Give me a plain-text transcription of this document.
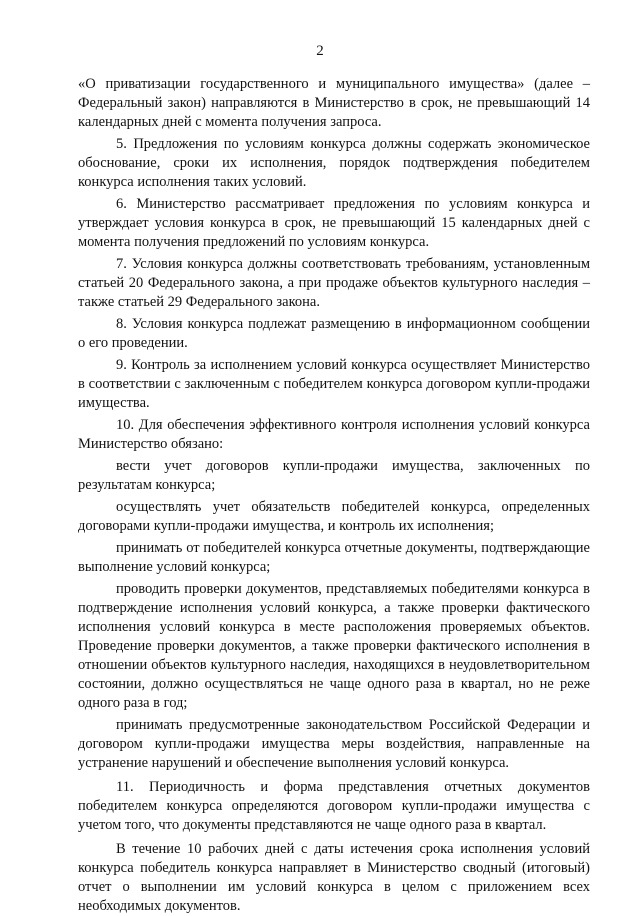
2

«О приватизации государственного и муниципального имущества» (далее – Федеральный закон) направляются в Министерство в срок, не превышающий 14 календарных дней с момента получения запроса.

5. Предложения по условиям конкурса должны содержать экономическое обоснование, сроки их исполнения, порядок подтверждения победителем конкурса исполнения таких условий.

6. Министерство рассматривает предложения по условиям конкурса и утверждает условия конкурса в срок, не превышающий 15 календарных дней с момента получения предложений по условиям конкурса.

7. Условия конкурса должны соответствовать требованиям, установленным статьей 20 Федерального закона, а при продаже объектов культурного наследия – также статьей 29 Федерального закона.

8. Условия конкурса подлежат размещению в информационном сообщении о его проведении.

9. Контроль за исполнением условий конкурса осуществляет Министерство в соответствии с заключенным с победителем конкурса договором купли-продажи имущества.

10. Для обеспечения эффективного контроля исполнения условий конкурса Министерство обязано:

вести учет договоров купли-продажи имущества, заключенных по результатам конкурса;

осуществлять учет обязательств победителей конкурса, определенных договорами купли-продажи имущества, и контроль их исполнения;

принимать от победителей конкурса отчетные документы, подтверждающие выполнение условий конкурса;

проводить проверки документов, представляемых победителями конкурса в подтверждение исполнения условий конкурса, а также проверки фактического исполнения условий конкурса в месте расположения проверяемых объектов. Проведение проверки документов, а также проверки фактического исполнения в отношении объектов культурного наследия, находящихся в неудовлетворительном состоянии, должно осуществляться не чаще одного раза в квартал, но не реже одного раза в год;

принимать предусмотренные законодательством Российской Федерации и договором купли-продажи имущества меры воздействия, направленные на устранение нарушений и обеспечение выполнения условий конкурса.

11. Периодичность и форма представления отчетных документов победителем конкурса определяются договором купли-продажи имущества с учетом того, что документы представляются не чаще одного раза в квартал.

В течение 10 рабочих дней с даты истечения срока исполнения условий конкурса победитель конкурса направляет в Министерство сводный (итоговый) отчет о выполнении им условий конкурса в целом с приложением всех необходимых документов.
